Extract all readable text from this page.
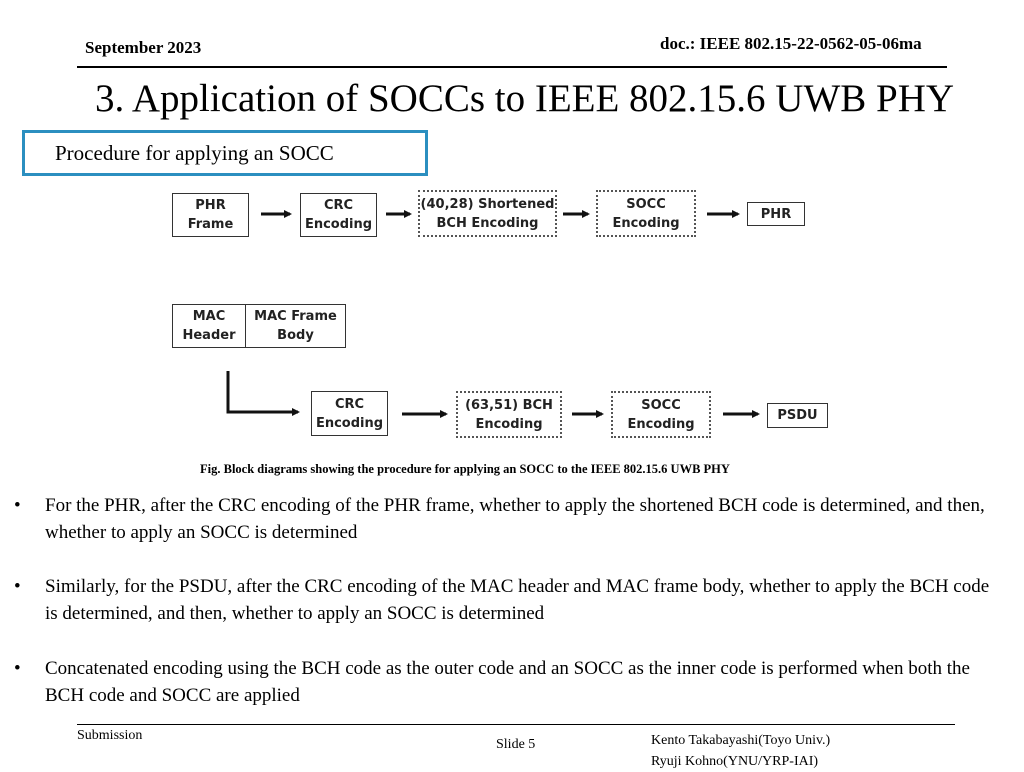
September 2023	doc.: IEEE 802.15-22-0562-05-06ma
3. Application of SOCCs to IEEE 802.15.6 UWB PHY
Procedure for applying an SOCC
PHR
Frame
CRC
Encoding
(40,28) Shortened
BCH Encoding
SOCC
Encoding
PHR
MAC
Header
MAC Frame
Body
CRC
Encoding
(63,51) BCH
Encoding
SOCC
Encoding
PSDU
Fig. Block diagrams showing the procedure for applying an SOCC to the IEEE 802.15.6 UWB PHY
• For the PHR, after the CRC encoding of the PHR frame, whether to apply the shortened BCH code is determined, and then, whether to apply an SOCC is determined
• Similarly, for the PSDU, after the CRC encoding of the MAC header and MAC frame body, whether to apply the BCH code is determined, and then, whether to apply an SOCC is determined
• Concatenated encoding using the BCH code as the outer code and an SOCC as the inner code is performed when both the BCH code and SOCC are applied
Submission
Slide 5	Kento Takabayashi(Toyo Univ.)
Ryuji Kohno(YNU/YRP-IAI)
